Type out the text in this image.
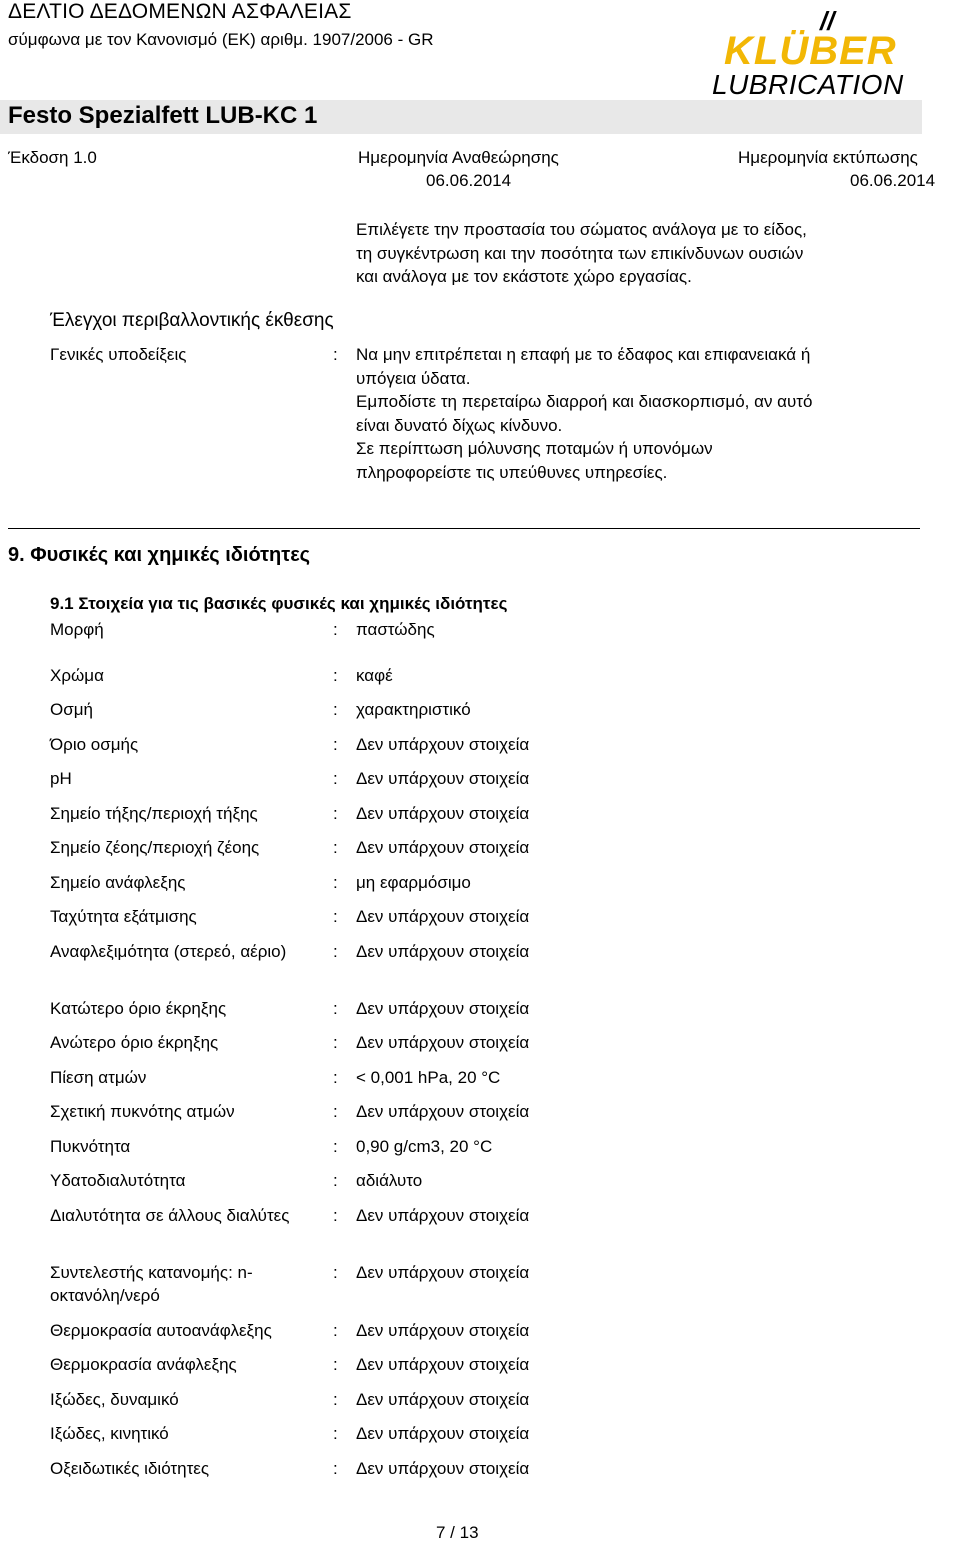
ΔΕΛΤΙΟ ΔΕΔΟΜΕΝΩΝ ΑΣΦΑΛΕΙΑΣ
σύμφωνα με τον Κανονισμό (ΕΚ) αριθμ. 1907/2006 - GR
//
KLÜBER
LUBRICATION
Festo Spezialfett LUB-KC 1
Έκδοση 1.0	Ημερομηνία Αναθεώρησης
06.06.2014
Ημερομηνία εκτύπωσης
06.06.2014
Επιλέγετε την προστασία του σώματος ανάλογα με το είδος,
τη συγκέντρωση και την ποσότητα των επικίνδυνων ουσιών
και ανάλογα με τον εκάστοτε χώρο εργασίας.
Έλεγχοι περιβαλλοντικής έκθεσης
Γενικές υποδείξεις	: Να μην επιτρέπεται η επαφή με το έδαφος και επιφανειακά ή
υπόγεια ύδατα.
Εμποδίστε τη περεταίρω διαρροή και διασκορπισμό, αν αυτό
είναι δυνατό δίχως κίνδυνο.
Σε περίπτωση μόλυνσης ποταμών ή υπονόμων
πληροφορείστε τις υπεύθυνες υπηρεσίες.
9. Φυσικές και χημικές ιδιότητες
9.1 Στοιχεία για τις βασικές φυσικές και χημικές ιδιότητες
Μορφή	: παστώδης
Χρώμα	: καφέ
Οσμή	: χαρακτηριστικό
Όριο οσμής	: Δεν υπάρχουν στοιχεία
pH	: Δεν υπάρχουν στοιχεία
Σημείο τήξης/περιοχή τήξης	: Δεν υπάρχουν στοιχεία
Σημείο ζέοης/περιοχή ζέοης	: Δεν υπάρχουν στοιχεία
Σημείο ανάφλεξης	: μη εφαρμόσιμο
Ταχύτητα εξάτμισης	: Δεν υπάρχουν στοιχεία
Αναφλεξιμότητα (στερεό, αέριο)	: Δεν υπάρχουν στοιχεία
Κατώτερο όριο έκρηξης	: Δεν υπάρχουν στοιχεία
Ανώτερο όριο έκρηξης	: Δεν υπάρχουν στοιχεία
Πίεση ατμών	: < 0,001 hPa, 20 °C
Σχετική πυκνότης ατμών	: Δεν υπάρχουν στοιχεία
Πυκνότητα	: 0,90 g/cm3, 20 °C
Υδατοδιαλυτότητα	: αδιάλυτο
Διαλυτότητα σε άλλους διαλύτες	: Δεν υπάρχουν στοιχεία
Συντελεστής κατανομής: n-οκτανόλη/νερό
: Δεν υπάρχουν στοιχεία
Θερμοκρασία αυτοανάφλεξης	: Δεν υπάρχουν στοιχεία
Θερμοκρασία ανάφλεξης	: Δεν υπάρχουν στοιχεία
Ιξώδες, δυναμικό	: Δεν υπάρχουν στοιχεία
Ιξώδες, κινητικό	: Δεν υπάρχουν στοιχεία
Οξειδωτικές ιδιότητες	: Δεν υπάρχουν στοιχεία
7 / 13
